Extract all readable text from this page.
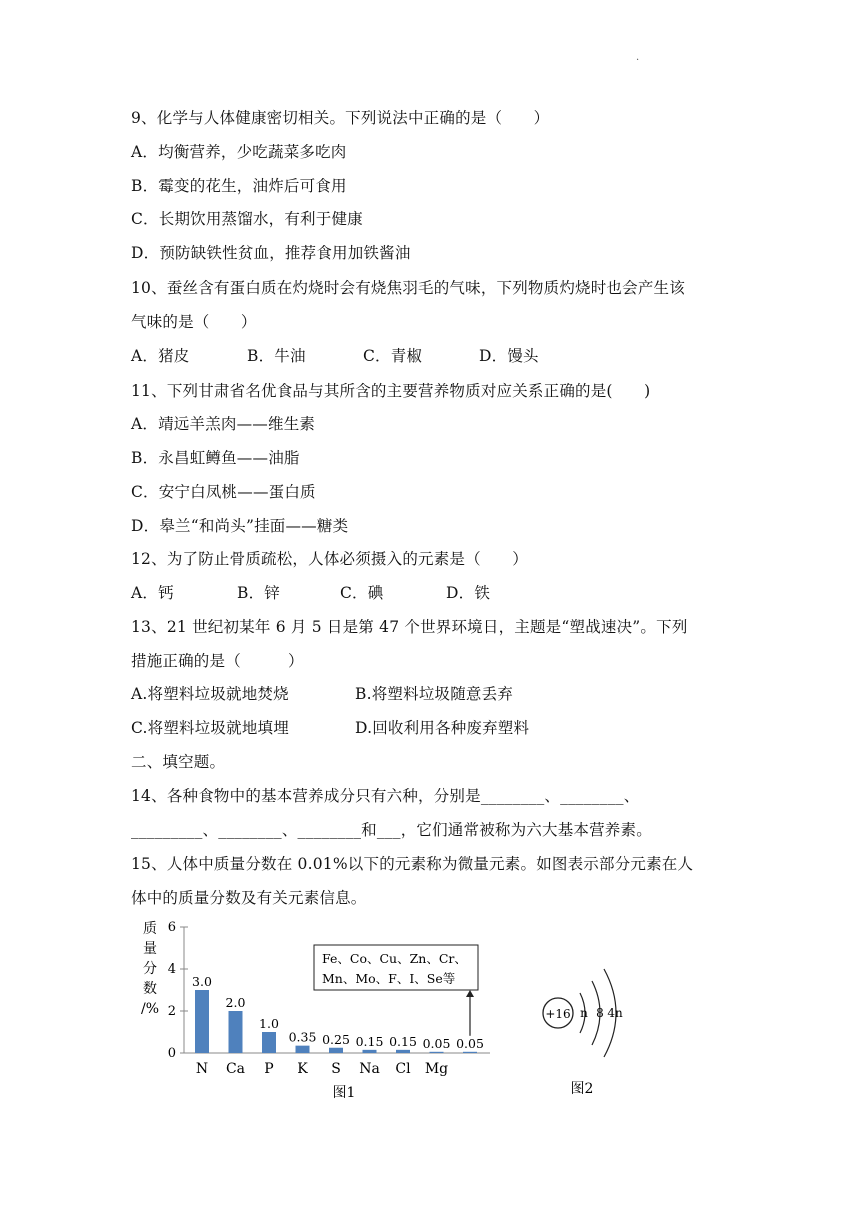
.
9、化学与人体健康密切相关。下列说法中正确的是（　　）
A．均衡营养，少吃蔬菜多吃肉
B．霉变的花生，油炸后可食用
C．长期饮用蒸馏水，有利于健康
D．预防缺铁性贫血，推荐食用加铁酱油
10、蚕丝含有蛋白质在灼烧时会有烧焦羽毛的气味，下列物质灼烧时也会产生该
气味的是（　　）
A．猪皮	B．牛油	C．青椒	D．馒头
11、下列甘肃省名优食品与其所含的主要营养物质对应关系正确的是(　　)
A．靖远羊羔肉——维生素
B．永昌虹鳟鱼——油脂
C．安宁白凤桃——蛋白质
D．皋兰“和尚头”挂面——糖类
12、为了防止骨质疏松，人体必须摄入的元素是（　　）
A．钙	B．锌	C．碘	D．铁
13、21 世纪初某年 6 月 5 日是第 47 个世界环境日，主题是“塑战速决”。下列
措施正确的是（　　　）
A.将塑料垃圾就地焚烧	B.将塑料垃圾随意丢弃
C.将塑料垃圾就地填埋	D.回收利用各种废弃塑料
二、填空题。
14、各种食物中的基本营养成分只有六种，分别是________、________、
_________、________、________和___，它们通常被称为六大基本营养素。
15、人体中质量分数在 0.01%以下的元素称为微量元素。如图表示部分元素在人
体中的质量分数及有关元素信息。
质
量
分
数
/%
0
2
4
6
3.0
N
2.0
Ca
1.0
P
0.35
K
0.25
S
0.15
Na
0.15
Cl
0.05
Mg
0.05
Fe、Co、Cu、Zn、Cr、
Mn、Mo、F、I、Se等
图1
+16 n 8 4n
图2
